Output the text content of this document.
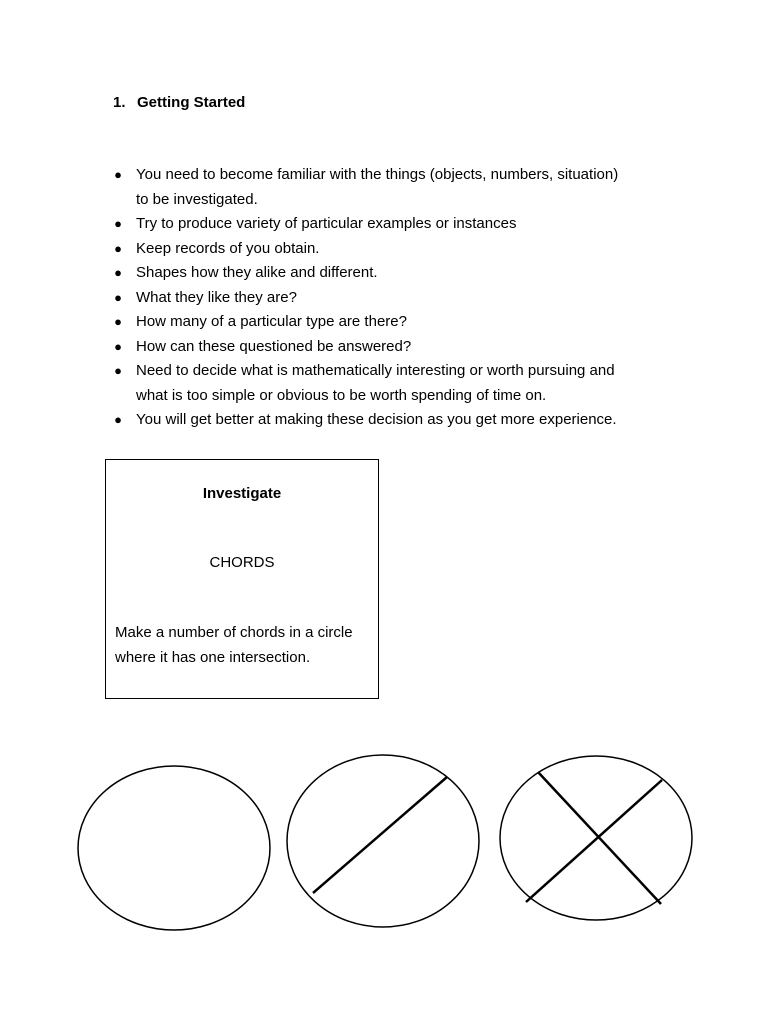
1. Getting Started
● You need to become familiar with the things (objects, numbers, situation)
to be investigated.
● Try to produce variety of particular examples or instances
● Keep records of you obtain.
● Shapes how they alike and different.
● What they like they are?
● How many of a particular type are there?
● How can these questioned be answered?
● Need to decide what is mathematically interesting or worth pursuing and
what is too simple or obvious to be worth spending of time on.
● You will get better at making these decision as you get more experience.
Investigate
CHORDS
Make a number of chords in a circle
where it has one intersection.
